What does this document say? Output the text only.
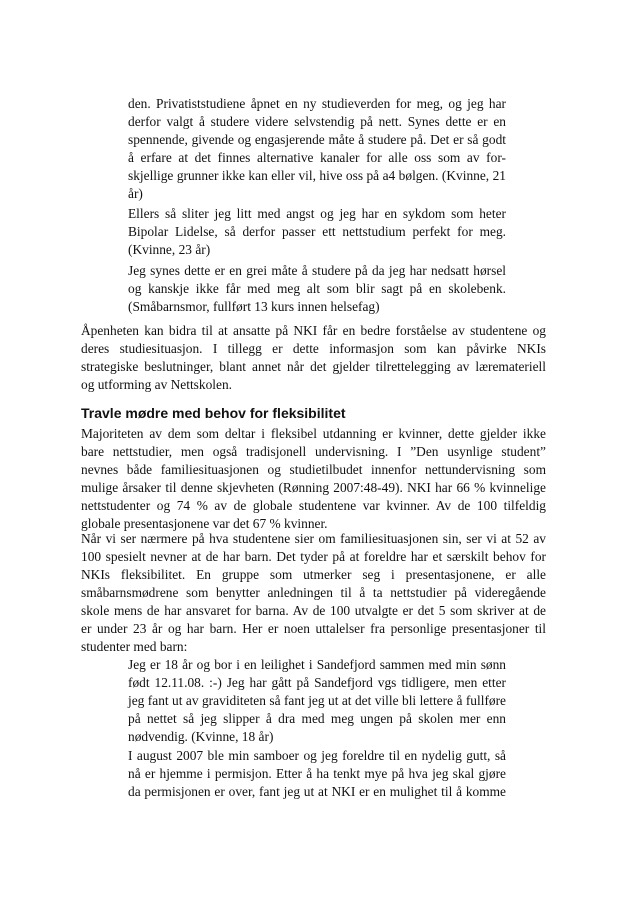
Travle mødre med behov for fleksibilitet
den. Privatiststudiene åpnet en ny studieverden for meg, og jeg har
derfor valgt å studere videre selvstendig på nett. Synes dette er en
spennende, givende og engasjerende måte å studere på. Det er så godt
å erfare at det finnes alternative kanaler for alle oss som av for-
skjellige grunner ikke kan eller vil, hive oss på a4 bølgen. (Kvinne, 21
år)
Ellers så sliter jeg litt med angst og jeg har en sykdom som heter
Bipolar Lidelse, så derfor passer ett nettstudium perfekt for meg.
(Kvinne, 23 år)
Jeg synes dette er en grei måte å studere på da jeg har nedsatt hørsel
og kanskje ikke får med meg alt som blir sagt på en skolebenk.
(Småbarnsmor, fullført 13 kurs innen helsefag)
Åpenheten kan bidra til at ansatte på NKI får en bedre forståelse av studentene og
deres studiesituasjon. I tillegg er dette informasjon som kan påvirke NKIs
strategiske beslutninger, blant annet når det gjelder tilrettelegging av læremateriell
og utforming av Nettskolen.
Majoriteten av dem som deltar i fleksibel utdanning er kvinner, dette gjelder ikke
bare nettstudier, men også tradisjonell undervisning. I ”Den usynlige student”
nevnes både familiesituasjonen og studietilbudet innenfor nettundervisning som
mulige årsaker til denne skjevheten (Rønning 2007:48-49). NKI har 66 % kvinnelige
nettstudenter og 74 % av de globale studentene var kvinner. Av de 100 tilfeldig
globale presentasjonene var det 67 % kvinner.
Når vi ser nærmere på hva studentene sier om familiesituasjonen sin, ser vi at 52 av
100 spesielt nevner at de har barn. Det tyder på at foreldre har et særskilt behov for
NKIs fleksibilitet. En gruppe som utmerker seg i presentasjonene, er alle
småbarnsmødrene som benytter anledningen til å ta nettstudier på videregående
skole mens de har ansvaret for barna. Av de 100 utvalgte er det 5 som skriver at de
er under 23 år og har barn. Her er noen uttalelser fra personlige presentasjoner til
studenter med barn:
Jeg er 18 år og bor i en leilighet i Sandefjord sammen med min sønn
født 12.11.08. :-) Jeg har gått på Sandefjord vgs tidligere, men etter
jeg fant ut av graviditeten så fant jeg ut at det ville bli lettere å fullføre
på nettet så jeg slipper å dra med meg ungen på skolen mer enn
nødvendig. (Kvinne, 18 år)
I august 2007 ble min samboer og jeg foreldre til en nydelig gutt, så
nå er hjemme i permisjon. Etter å ha tenkt mye på hva jeg skal gjøre
da permisjonen er over, fant jeg ut at NKI er en mulighet til å komme
